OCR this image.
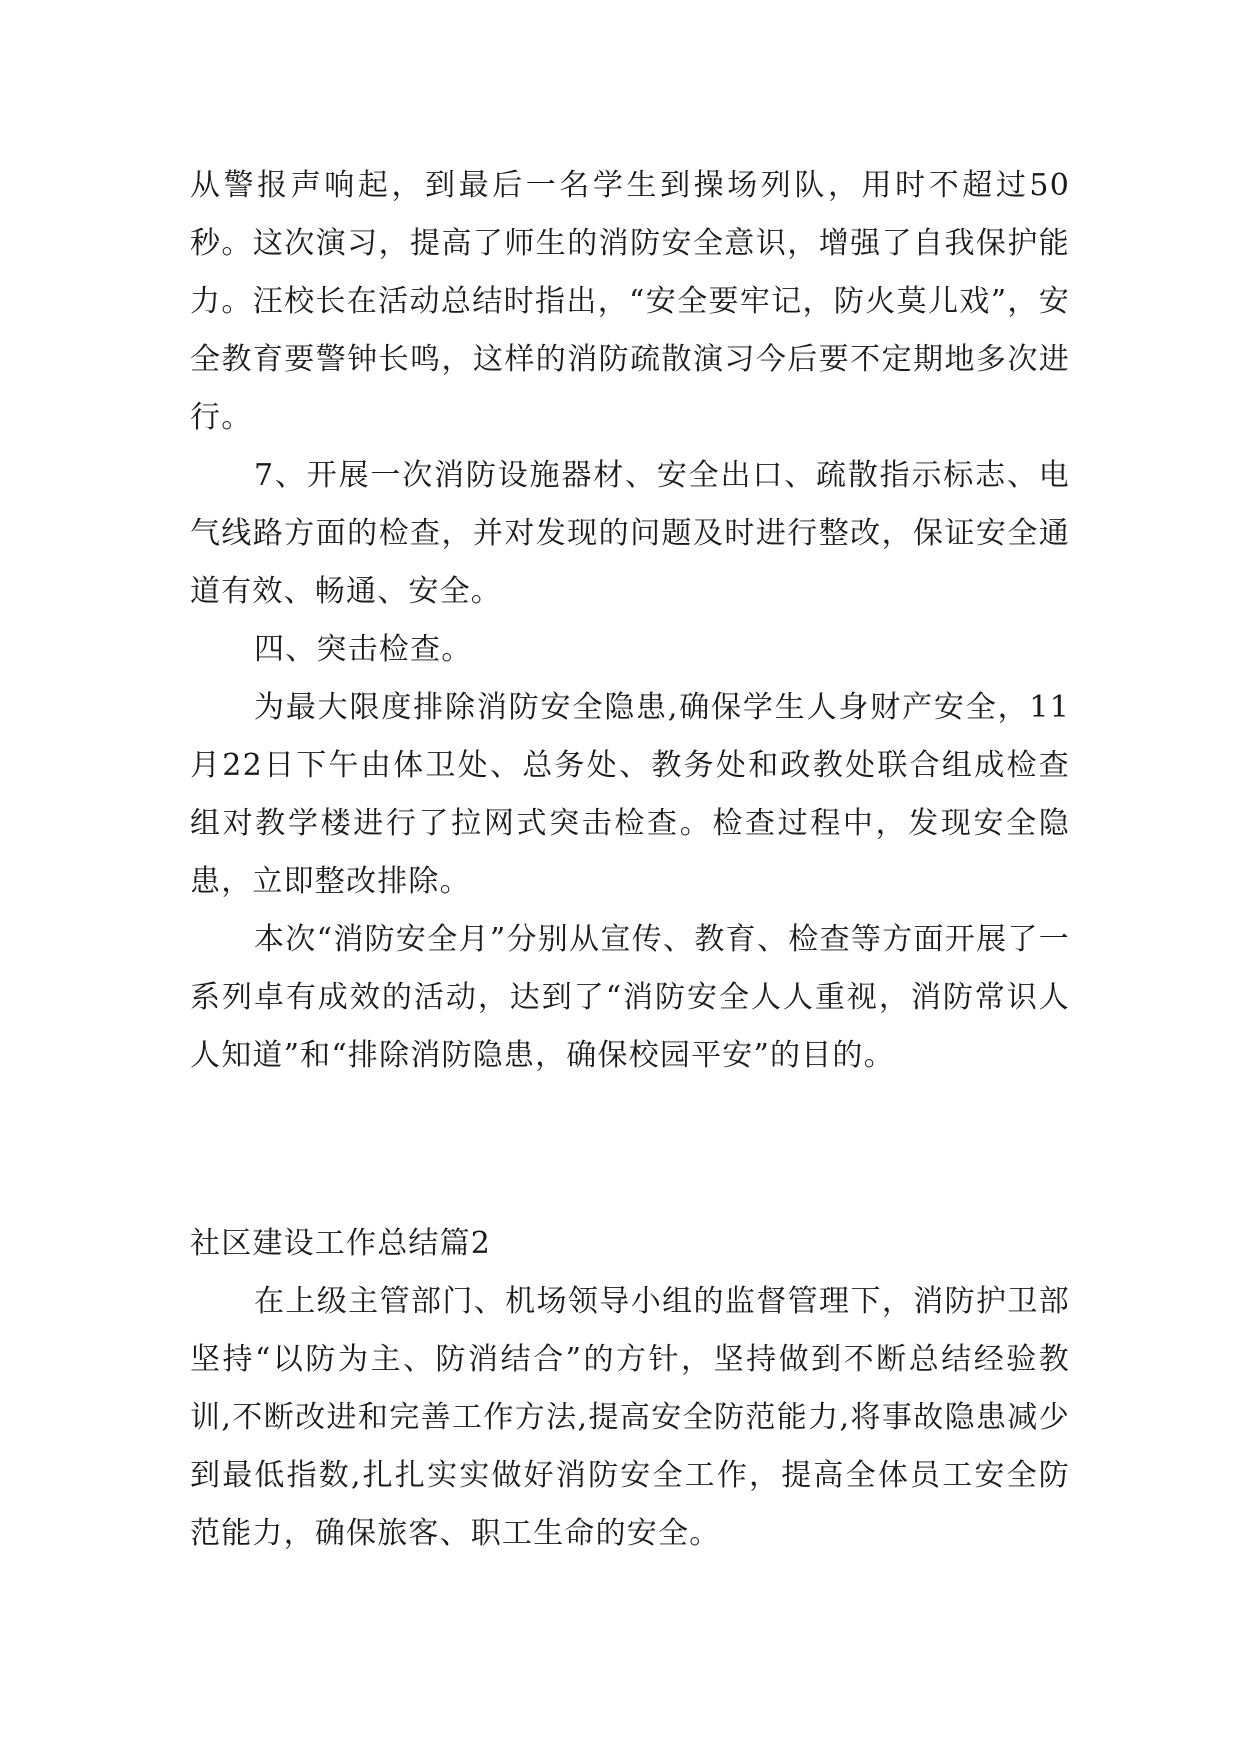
从警报声响起，到最后一名学生到操场列队，用时不超过50秒。这次演习，提高了师生的消防安全意识，增强了自我保护能力。汪校长在活动总结时指出，“安全要牢记，防火莫儿戏”，安全教育要警钟长鸣，这样的消防疏散演习今后要不定期地多次进行。

7、开展一次消防设施器材、安全出口、疏散指示标志、电气线路方面的检查，并对发现的问题及时进行整改，保证安全通道有效、畅通、安全。

四、突击检查。

为最大限度排除消防安全隐患,确保学生人身财产安全，11月22日下午由体卫处、总务处、教务处和政教处联合组成检查组对教学楼进行了拉网式突击检查。检查过程中，发现安全隐患，立即整改排除。

本次“消防安全月”分别从宣传、教育、检查等方面开展了一系列卓有成效的活动，达到了“消防安全人人重视，消防常识人人知道”和“排除消防隐患，确保校园平安”的目的。

社区建设工作总结篇2

在上级主管部门、机场领导小组的监督管理下，消防护卫部坚持“以防为主、防消结合”的方针，坚持做到不断总结经验教训,不断改进和完善工作方法,提高安全防范能力,将事故隐患减少到最低指数,扎扎实实做好消防安全工作，提高全体员工安全防范能力，确保旅客、职工生命的安全。
